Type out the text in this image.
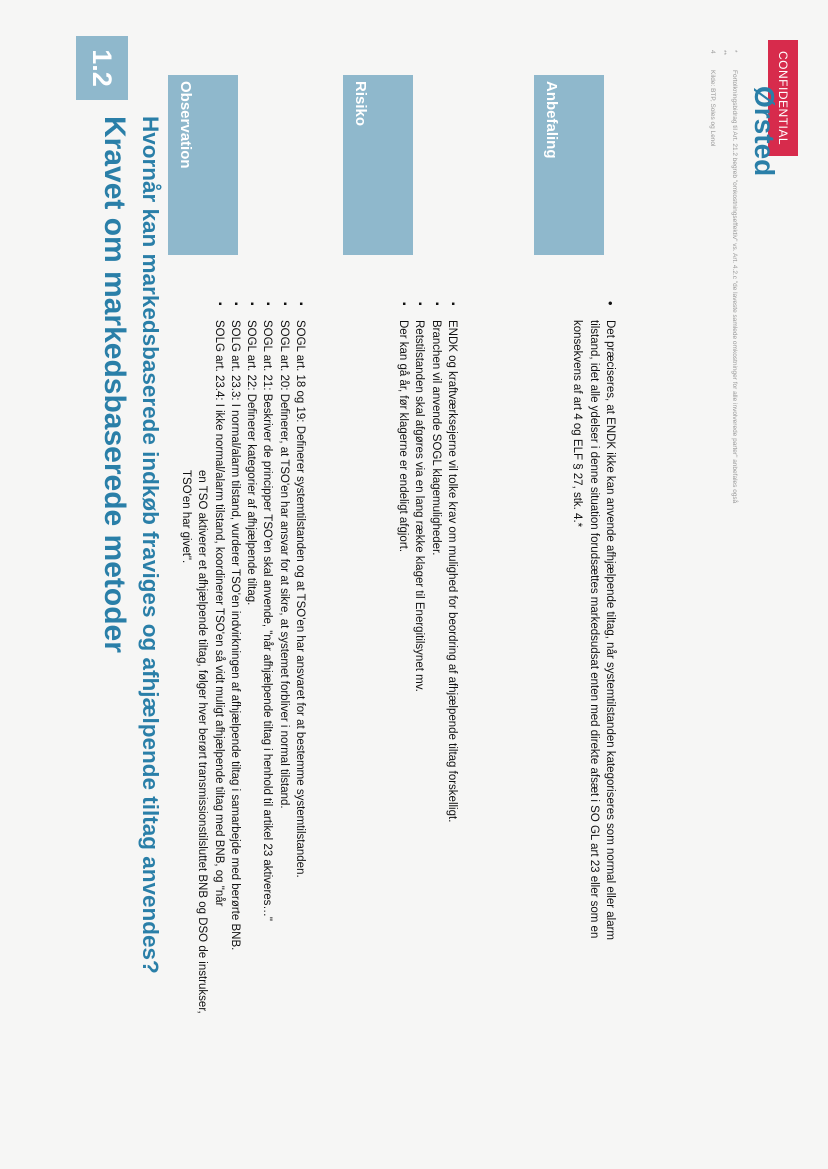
CONFIDENTIAL
1.2
Kravet om markedsbaserede metoder Hvornår kan markedsbaserede indkøb fraviges og afhjælpende tiltag anvendes?	Ørsted
Observation
▪ SOGL art. 18 og 19: Definerer systemtilstanden og at TSO'en har ansvaret for at bestemme systemtilstanden.
▪ SOGL art. 20: Definerer, at TSO'en har ansvar for at sikre, at systemet forbliver i normal tilstand.
▪ SOGL art. 21: Beskriver de principper TSO'en skal anvende, "når afhjælpende tiltag i henhold til artikel 23 aktiveres…"
▪ SOGL art. 22: Definerer kategorier af afhjælpende tiltag.
▪ SOLG art. 23.3: I normal/alarm tilstand, vurderer TSO'en indvirkningen af afhjælpende tiltag i samarbejde med berørte BNB.
▪ SOLG art. 23.4: I ikke normal/alarm tilstand, koordinerer TSO'en så vidt muligt afhjælpende tiltag med BNB, og "når
en TSO aktiverer et afhjælpende tiltag, følger hver berørt transmissionstilsluttet BNB og DSO de instrukser,
TSO'en har givet".
Risiko
▪ ENDK og kraftværksejerne vil tolke krav om mulighed for beordring af afhjælpende tiltag forskelligt.
▪ Branchen vil anvende SOGL klagemuligheder.
▪ Retstilstanden skal afgøres via en lang række klager til Energitilsynet mv.
▪ Der kan gå år, før klagerne er endeligt afgjort.
Anbefaling
• Det præciseres, at ENDK ikke kan anvende afhjælpende tiltag, når systemtilstanden kategoriseres som normal eller alarm
tilstand, idet alle ydelser i denne situation forudsættes markedsudsat enten med direkte afsæt i SO GL art 23 eller som en
konsekvens af art 4 og ELF § 27, stk. 4.*
*
Fortolkningsbidrag til Art. 21.2 begreb "omkostningseffektiv" vs. Art. 4.2.c "de laveste samlede omkostninger for alle involverede parter" anbefales også
**
4
Kilde: BTP, Soles og Lenol
